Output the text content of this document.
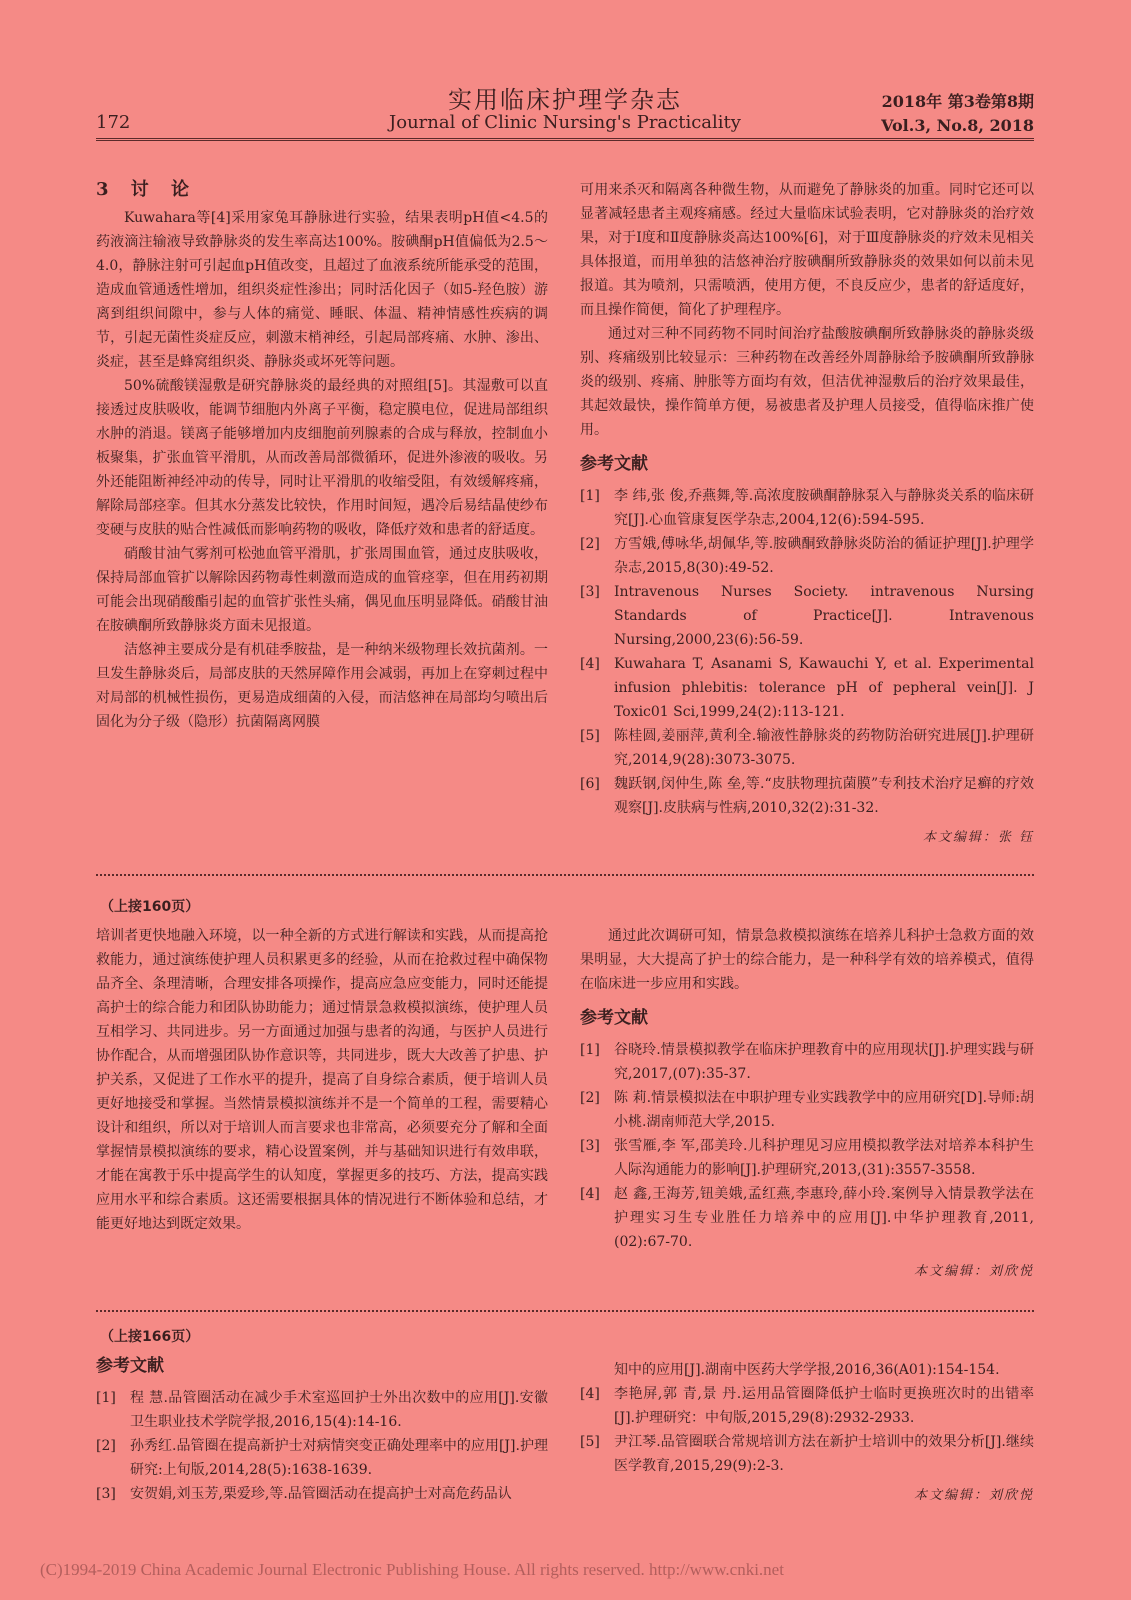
172
实用临床护理学杂志
Journal of Clinic Nursing's Practicality
2018年 第3卷第8期
Vol.3, No.8, 2018
3 讨 论

Kuwahara等[4]采用家兔耳静脉进行实验，结果表明pH值<4.5的药液滴注输液导致静脉炎的发生率高达100%。胺碘酮pH值偏低为2.5～4.0，静脉注射可引起血pH值改变，且超过了血液系统所能承受的范围，造成血管通透性增加，组织炎症性渗出；同时活化因子（如5-羟色胺）游离到组织间隙中，参与人体的痛觉、睡眠、体温、精神情感性疾病的调节，引起无菌性炎症反应，刺激末梢神经，引起局部疼痛、水肿、渗出、炎症，甚至是蜂窝组织炎、静脉炎或坏死等问题。

50%硫酸镁湿敷是研究静脉炎的最经典的对照组[5]。其湿敷可以直接透过皮肤吸收，能调节细胞内外离子平衡，稳定膜电位，促进局部组织水肿的消退。镁离子能够增加内皮细胞前列腺素的合成与释放，控制血小板聚集，扩张血管平滑肌，从而改善局部微循环，促进外渗液的吸收。另外还能阻断神经冲动的传导，同时让平滑肌的收缩受阻，有效缓解疼痛，解除局部痉挛。但其水分蒸发比较快，作用时间短，遇冷后易结晶使纱布变硬与皮肤的贴合性减低而影响药物的吸收，降低疗效和患者的舒适度。

硝酸甘油气雾剂可松弛血管平滑肌，扩张周围血管，通过皮肤吸收，保持局部血管扩以解除因药物毒性刺激而造成的血管痉挛，但在用药初期可能会出现硝酸酯引起的血管扩张性头痛，偶见血压明显降低。硝酸甘油在胺碘酮所致静脉炎方面未见报道。

洁悠神主要成分是有机硅季胺盐，是一种纳米级物理长效抗菌剂。一旦发生静脉炎后，局部皮肤的天然屏障作用会减弱，再加上在穿刺过程中对局部的机械性损伤，更易造成细菌的入侵，而洁悠神在局部均匀喷出后固化为分子级（隐形）抗菌隔离网膜

可用来杀灭和隔离各种微生物，从而避免了静脉炎的加重。同时它还可以显著减轻患者主观疼痛感。经过大量临床试验表明，它对静脉炎的治疗效果，对于Ⅰ度和Ⅱ度静脉炎高达100%[6]，对于Ⅲ度静脉炎的疗效未见相关具体报道，而用单独的洁悠神治疗胺碘酮所致静脉炎的效果如何以前未见报道。其为喷剂，只需喷洒，使用方便，不良反应少，患者的舒适度好，而且操作简便，简化了护理程序。

通过对三种不同药物不同时间治疗盐酸胺碘酮所致静脉炎的静脉炎级别、疼痛级别比较显示：三种药物在改善经外周静脉给予胺碘酮所致静脉炎的级别、疼痛、肿胀等方面均有效，但洁优神湿敷后的治疗效果最佳，其起效最快，操作简单方便，易被患者及护理人员接受，值得临床推广使用。

参考文献
[1]	李 纬,张 俊,乔燕舞,等.高浓度胺碘酮静脉泵入与静脉炎关系的临床研究[J].心血管康复医学杂志,2004,12(6):594-595.
[2]	方雪娥,傅咏华,胡佩华,等.胺碘酮致静脉炎防治的循证护理[J].护理学杂志,2015,8(30):49-52.
[3]	Intravenous Nurses Society. intravenous Nursing Standards of Practice[J]. Intravenous Nursing,2000,23(6):56-59.
[4]	Kuwahara T, Asanami S, Kawauchi Y, et al. Experimental infusion phlebitis: tolerance pH of pepheral vein[J]. J Toxic01 Sci,1999,24(2):113-121.
[5]	陈桂圆,姜丽萍,黄利全.输液性静脉炎的药物防治研究进展[J].护理研究,2014,9(28):3073-3075.
[6]	魏跃钢,闵仲生,陈 垒,等.“皮肤物理抗菌膜”专利技术治疗足癣的疗效观察[J].皮肤病与性病,2010,32(2):31-32.
本文编辑：张 钰
（上接160页）

培训者更快地融入环境，以一种全新的方式进行解读和实践，从而提高抢救能力，通过演练使护理人员积累更多的经验，从而在抢救过程中确保物品齐全、条理清晰，合理安排各项操作，提高应急应变能力，同时还能提高护士的综合能力和团队协助能力；通过情景急救模拟演练，使护理人员互相学习、共同进步。另一方面通过加强与患者的沟通，与医护人员进行协作配合，从而增强团队协作意识等，共同进步，既大大改善了护患、护护关系，又促进了工作水平的提升，提高了自身综合素质，便于培训人员更好地接受和掌握。当然情景模拟演练并不是一个简单的工程，需要精心设计和组织，所以对于培训人而言要求也非常高，必须要充分了解和全面掌握情景模拟演练的要求，精心设置案例，并与基础知识进行有效串联，才能在寓教于乐中提高学生的认知度，掌握更多的技巧、方法，提高实践应用水平和综合素质。这还需要根据具体的情况进行不断体验和总结，才能更好地达到既定效果。

通过此次调研可知，情景急救模拟演练在培养儿科护士急救方面的效果明显，大大提高了护士的综合能力，是一种科学有效的培养模式，值得在临床进一步应用和实践。

参考文献
[1]	谷晓玲.情景模拟教学在临床护理教育中的应用现状[J].护理实践与研究,2017,(07):35-37.
[2]	陈 莉.情景模拟法在中职护理专业实践教学中的应用研究[D].导师:胡小桃.湖南师范大学,2015.
[3]	张雪雁,李 军,邵美玲.儿科护理见习应用模拟教学法对培养本科护生人际沟通能力的影响[J].护理研究,2013,(31):3557-3558.
[4]	赵 鑫,王海芳,钮美娥,孟红燕,李惠玲,薛小玲.案例导入情景教学法在护理实习生专业胜任力培养中的应用[J].中华护理教育,2011,(02):67-70.
本文编辑：刘欣悦
（上接166页）
参考文献
[1]	程 慧.品管圈活动在减少手术室巡回护士外出次数中的应用[J].安徽卫生职业技术学院学报,2016,15(4):14-16.
[2]	孙秀红.品管圈在提高新护士对病情突变正确处理率中的应用[J].护理研究:上旬版,2014,28(5):1638-1639.
[3]	安贺娟,刘玉芳,栗爱珍,等.品管圈活动在提高护士对高危药品认
知中的应用[J].湖南中医药大学学报,2016,36(A01):154-154.
[4]	李艳屏,郭 青,景 丹.运用品管圈降低护士临时更换班次时的出错率[J].护理研究：中旬版,2015,29(8):2932-2933.
[5]	尹江琴.品管圈联合常规培训方法在新护士培训中的效果分析[J].继续医学教育,2015,29(9):2-3.
本文编辑：刘欣悦
(C)1994-2019 China Academic Journal Electronic Publishing House. All rights reserved. http://www.cnki.net
